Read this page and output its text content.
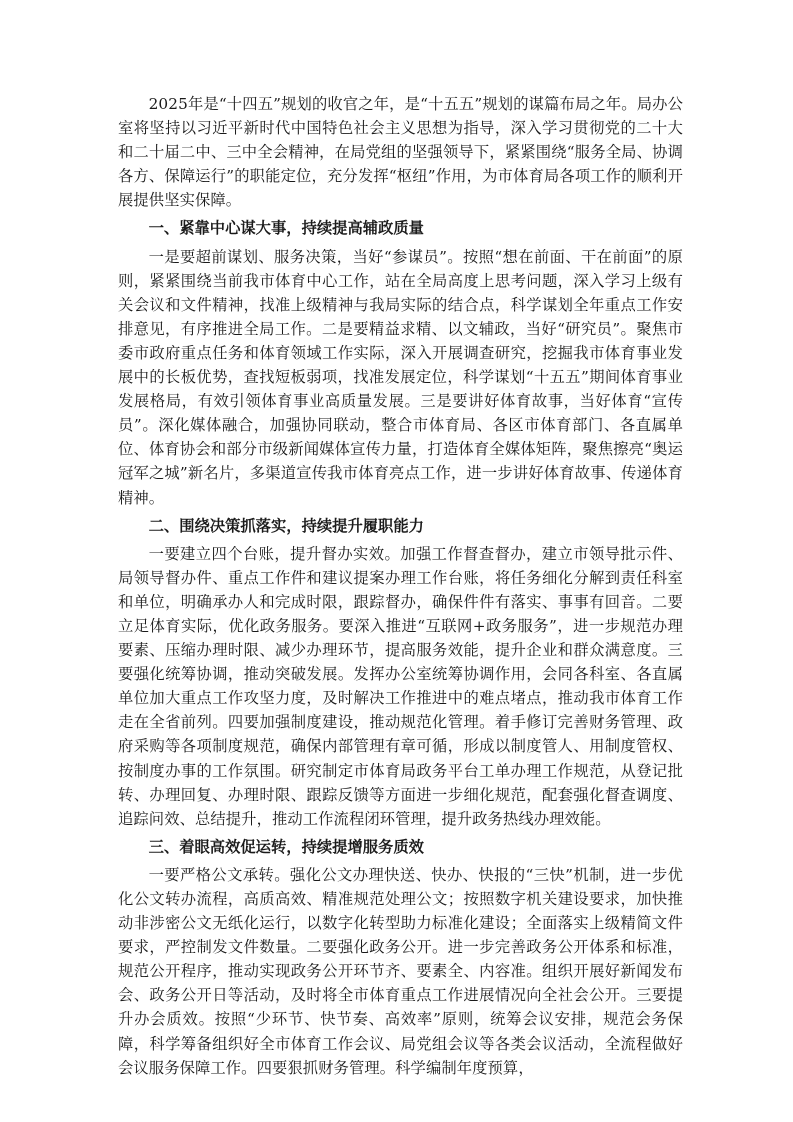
2025年是“十四五”规划的收官之年，是“十五五”规划的谋篇布局之年。局办公室将坚持以习近平新时代中国特色社会主义思想为指导，深入学习贯彻党的二十大和二十届二中、三中全会精神，在局党组的坚强领导下，紧紧围绕“服务全局、协调各方、保障运行”的职能定位，充分发挥“枢纽”作用，为市体育局各项工作的顺利开展提供坚实保障。

一、紧靠中心谋大事，持续提高辅政质量

一是要超前谋划、服务决策，当好“参谋员”。按照“想在前面、干在前面”的原则，紧紧围绕当前我市体育中心工作，站在全局高度上思考问题，深入学习上级有关会议和文件精神，找准上级精神与我局实际的结合点，科学谋划全年重点工作安排意见，有序推进全局工作。二是要精益求精、以文辅政，当好“研究员”。聚焦市委市政府重点任务和体育领域工作实际，深入开展调查研究，挖掘我市体育事业发展中的长板优势，查找短板弱项，找准发展定位，科学谋划“十五五”期间体育事业发展格局，有效引领体育事业高质量发展。三是要讲好体育故事，当好体育“宣传员”。深化媒体融合，加强协同联动，整合市体育局、各区市体育部门、各直属单位、体育协会和部分市级新闻媒体宣传力量，打造体育全媒体矩阵，聚焦擦亮“奥运冠军之城”新名片，多渠道宣传我市体育亮点工作，进一步讲好体育故事、传递体育精神。

二、围绕决策抓落实，持续提升履职能力

一要建立四个台账，提升督办实效。加强工作督查督办，建立市领导批示件、局领导督办件、重点工作件和建议提案办理工作台账，将任务细化分解到责任科室和单位，明确承办人和完成时限，跟踪督办，确保件件有落实、事事有回音。二要立足体育实际，优化政务服务。要深入推进“互联网+政务服务”，进一步规范办理要素、压缩办理时限、减少办理环节，提高服务效能，提升企业和群众满意度。三要强化统筹协调，推动突破发展。发挥办公室统筹协调作用，会同各科室、各直属单位加大重点工作攻坚力度，及时解决工作推进中的难点堵点，推动我市体育工作走在全省前列。四要加强制度建设，推动规范化管理。着手修订完善财务管理、政府采购等各项制度规范，确保内部管理有章可循，形成以制度管人、用制度管权、按制度办事的工作氛围。研究制定市体育局政务平台工单办理工作规范，从登记批转、办理回复、办理时限、跟踪反馈等方面进一步细化规范，配套强化督查调度、追踪问效、总结提升，推动工作流程闭环管理，提升政务热线办理效能。

三、着眼高效促运转，持续提增服务质效

一要严格公文承转。强化公文办理快送、快办、快报的“三快”机制，进一步优化公文转办流程，高质高效、精准规范处理公文；按照数字机关建设要求，加快推动非涉密公文无纸化运行，以数字化转型助力标准化建设；全面落实上级精简文件要求，严控制发文件数量。二要强化政务公开。进一步完善政务公开体系和标准，规范公开程序，推动实现政务公开环节齐、要素全、内容准。组织开展好新闻发布会、政务公开日等活动，及时将全市体育重点工作进展情况向全社会公开。三要提升办会质效。按照“少环节、快节奏、高效率”原则，统筹会议安排，规范会务保障，科学筹备组织好全市体育工作会议、局党组会议等各类会议活动，全流程做好会议服务保障工作。四要狠抓财务管理。科学编制年度预算，
